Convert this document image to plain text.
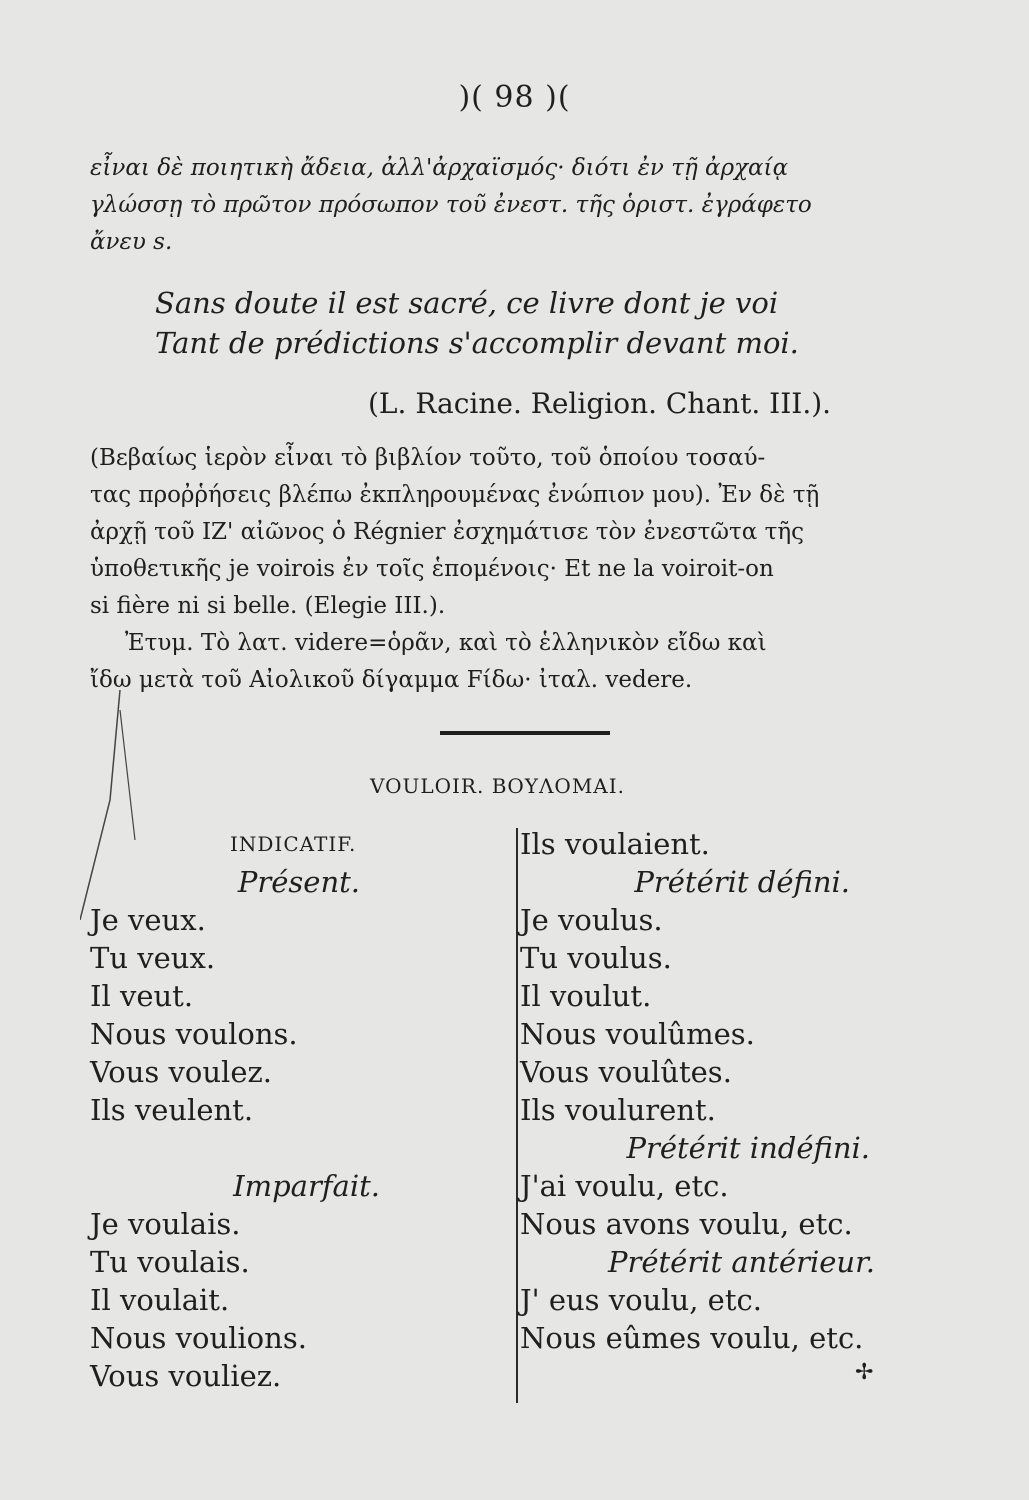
)( 98 )(

εἶναι δὲ ποιητικὴ ἄδεια, ἀλλ'ἀρχαϊσμός· διότι ἐν τῇ ἀρχαίᾳ

γλώσσῃ τὸ πρῶτον πρόσωπον τοῦ ἐνεστ. τῆς ὁριστ. ἐγράφετο

ἄνευ s.

Sans doute il est sacré, ce livre dont je voi

Tant de prédictions s'accomplir devant moi.

(L. Racine. Religion. Chant. III.).

(Βεβαίως ἱερὸν εἶναι τὸ βιβλίον τοῦτο, τοῦ ὁποίου τοσαύ-

τας προῤῥήσεις βλέπω ἐκπληρουμένας ἐνώπιον μου). Ἐν δὲ τῇ

ἀρχῇ τοῦ ΙΖ' αἰῶνος ὁ Régnier ἐσχημάτισε τὸν ἐνεστῶτα τῆς

ὑποθετικῆς je voirois ἐν τοῖς ἑπομένοις· Et ne la voiroit-on

si fière ni si belle. (Elegie III.).

Ἐτυμ. Τὸ λατ. videre=ὁρᾶν, καὶ τὸ ἑλληνικὸν εἴδω καὶ

ἴδω μετὰ τοῦ Αἰολικοῦ δίγαμμα Fίδω· ἰταλ. vedere.

VOULOIR. ΒΟΥΛΟΜΑΙ.
INDICATIF.
Présent.
Je veux.
Tu veux.
Il veut.
Nous voulons.
Vous voulez.
Ils veulent.
Imparfait.
Je voulais.
Tu voulais.
Il voulait.
Nous voulions.
Vous vouliez.
Ils voulaient.
Prétérit défini.
Je voulus.
Tu voulus.
Il voulut.
Nous voulûmes.
Vous voulûtes.
Ils voulurent.
Prétérit indéfini.
J'ai voulu, etc.
Nous avons voulu, etc.
Prétérit antérieur.
J' eus voulu, etc.
Nous eûmes voulu, etc.
✢
